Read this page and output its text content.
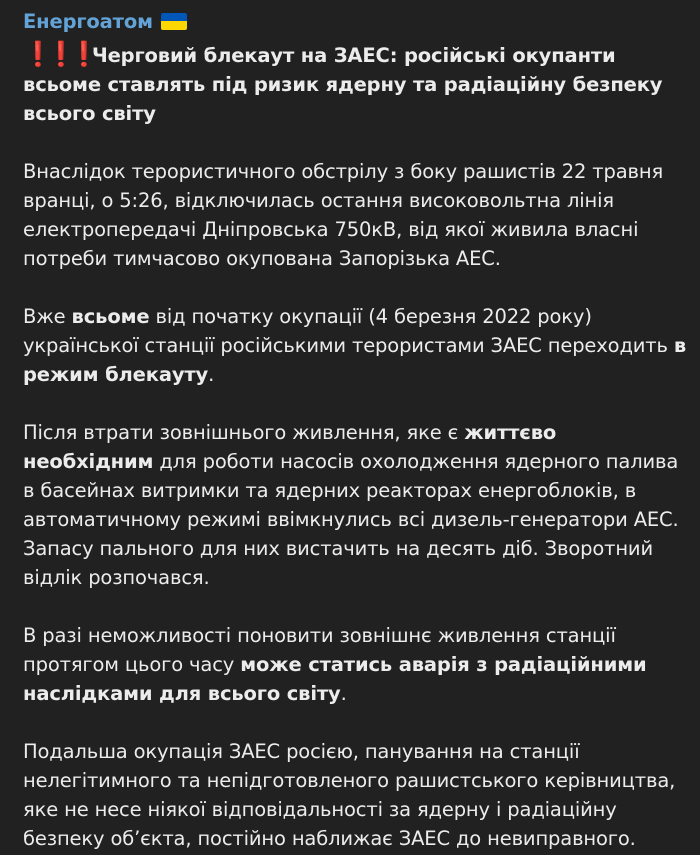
Енергоатом

❗❗❗Черговий блекаут на ЗАЕС: російські окупанти всьоме ставлять під ризик ядерну та радіаційну безпеку всього світу

Внаслідок терористичного обстрілу з боку рашистів 22 травня вранці, о 5:26, відключилась остання високовольтна лінія електропередачі Дніпровська 750кВ, від якої живила власні потреби тимчасово окупована Запорізька АЕС.

Вже всьоме від початку окупації (4 березня 2022 року) української станції російськими терористами ЗАЕС переходить в режим блекауту.

Після втрати зовнішнього живлення, яке є життєво необхідним для роботи насосів охолодження ядерного палива в басейнах витримки та ядерних реакторах енергоблоків, в автоматичному режимі ввімкнулись всі дизель-генератори АЕС. Запасу пального для них вистачить на десять діб. Зворотний відлік розпочався.

В разі неможливості поновити зовнішнє живлення станції протягом цього часу може статись аварія з радіаційними наслідками для всього світу.

Подальша окупація ЗАЕС росією, панування на станції нелегітимного та непідготовленого рашистського керівництва, яке не несе ніякої відповідальності за ядерну і радіаційну безпеку об’єкта, постійно наближає ЗАЕС до невиправного.
